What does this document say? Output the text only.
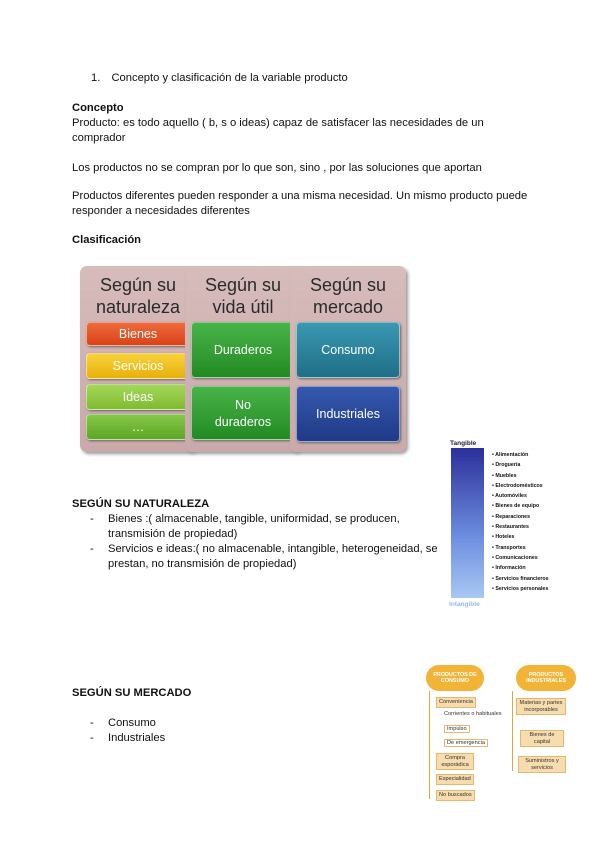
1. Concepto y clasificación de la variable producto
Concepto
Producto: es todo aquello ( b, s o ideas) capaz de satisfacer las necesidades de un
comprador
Los productos no se compran por lo que son, sino , por las soluciones que aportan
Productos diferentes pueden responder a una misma necesidad. Un mismo producto puede
responder a necesidades diferentes
Clasificación
Según su
naturaleza
Bienes
Servicios
Ideas
…
Según su
vida útil
Duraderos
No duraderos
Según su
mercado
Consumo
Industriales
Tangible
Intangible
• Alimentación
• Droguería
• Muebles
• Electrodomésticos
• Automóviles
• Bienes de equipo
• Reparaciones
• Restaurantes
• Hoteles
• Transportes
• Comunicaciones
• Información
• Servicios financieros
• Servicios personales
SEGÚN SU NATURALEZA
- Bienes :( almacenable, tangible, uniformidad, se producen,
transmisión de propiedad)
- Servicios e ideas:( no almacenable, intangible, heterogeneidad, se
prestan, no transmisión de propiedad)
SEGÚN SU MERCADO
- Consumo
- Industriales
PRODUCTOS DE CONSUMO
PRODUCTOS INDUSTRIALES
Conveniencia
Corrientes o habituales
Impulso
De emergencia
Compra esporádica
Especialidad
No buscados
Materias y partes incorporables
Bienes de capital
Suministros y servicios
